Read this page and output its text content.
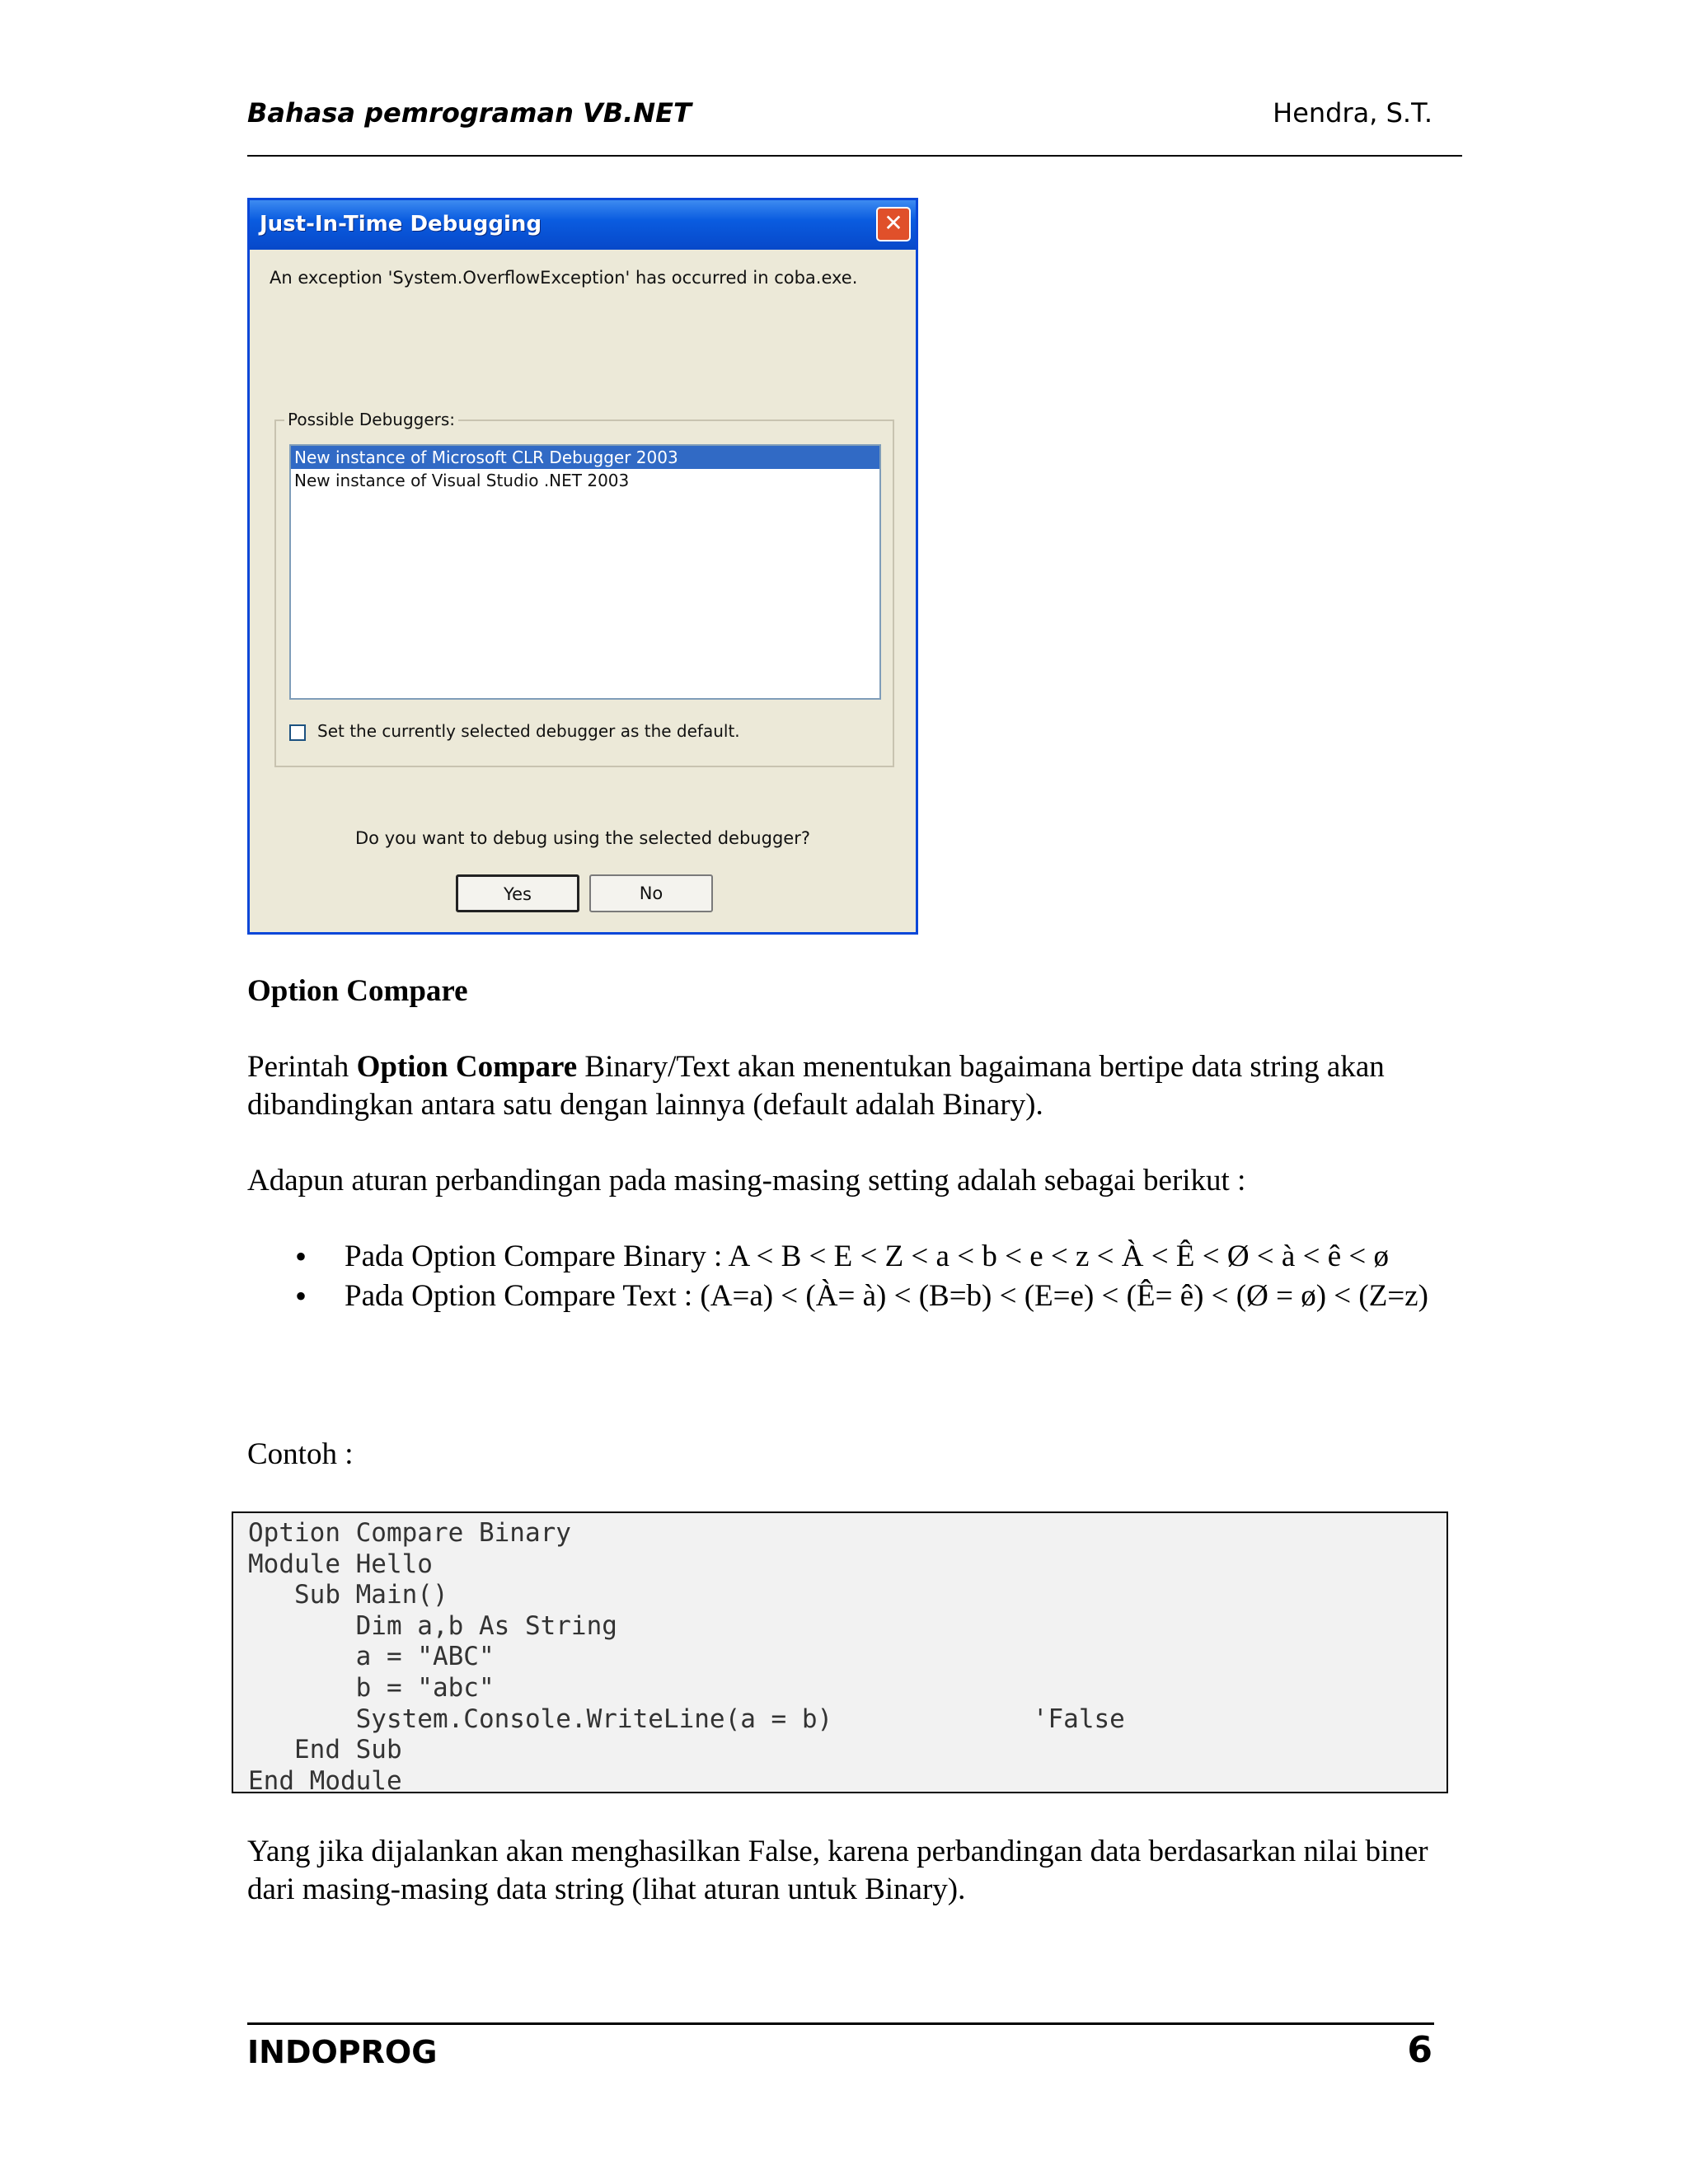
Bahasa pemrograman VB.NET	Hendra, S.T.
Just-In-Time Debugging	✕
An exception 'System.OverflowException' has occurred in coba.exe.
Possible Debuggers:
New instance of Microsoft CLR Debugger 2003
New instance of Visual Studio .NET 2003
Set the currently selected debugger as the default.
Do you want to debug using the selected debugger?
Yes	No
Option Compare
Perintah Option Compare Binary/Text akan menentukan bagaimana bertipe data string akan dibandingkan antara satu dengan lainnya (default adalah Binary).
Adapun aturan perbandingan pada masing-masing setting adalah sebagai berikut :
• Pada Option Compare Binary : A < B < E < Z < a < b < e < z < À < Ê < Ø < à < ê < ø
• Pada Option Compare Text : (A=a) < (À= à) < (B=b) < (E=e) < (Ê= ê) < (Ø = ø) < (Z=z)
Contoh :
Option Compare Binary
Module Hello
Sub Main()
Dim a,b As String
a = "ABC"
b = "abc"
System.Console.WriteLine(a = b)             'False
End Sub
End Module
Yang jika dijalankan akan menghasilkan False, karena perbandingan data berdasarkan nilai biner dari masing-masing data string (lihat aturan untuk Binary).
INDOPROG	6
